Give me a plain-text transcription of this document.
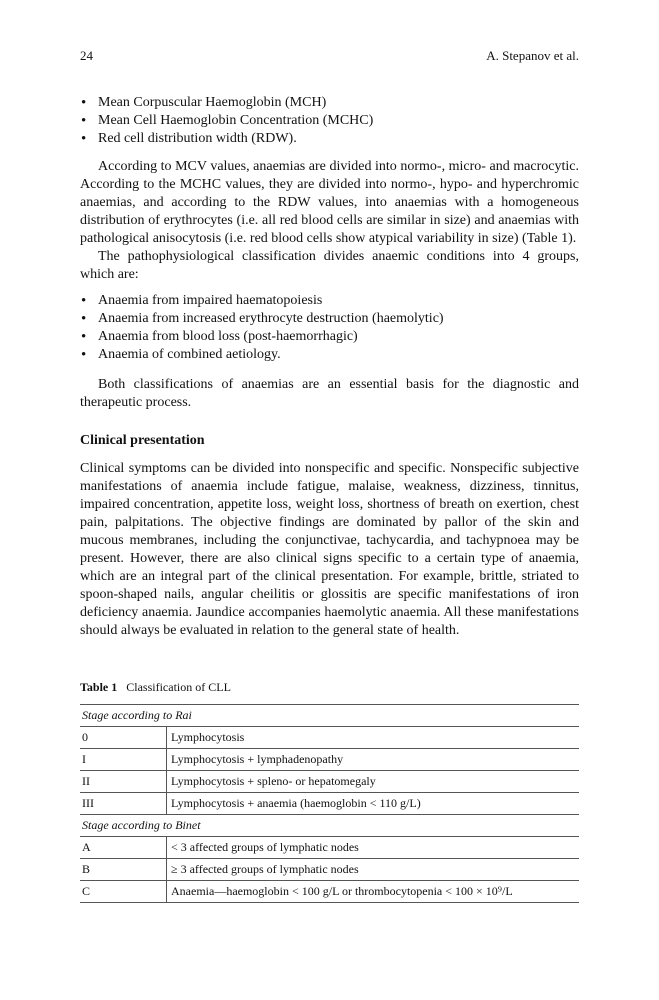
24	A. Stepanov et al.
• Mean Corpuscular Haemoglobin (MCH)
• Mean Cell Haemoglobin Concentration (MCHC)
• Red cell distribution width (RDW).

According to MCV values, anaemias are divided into normo-, micro- and macrocytic. According to the MCHC values, they are divided into normo-, hypo- and hyperchromic anaemias, and according to the RDW values, into anaemias with a homogeneous distribution of erythrocytes (i.e. all red blood cells are similar in size) and anaemias with pathological anisocytosis (i.e. red blood cells show atypical variability in size) (Table 1).

The pathophysiological classification divides anaemic conditions into 4 groups, which are:

• Anaemia from impaired haematopoiesis
• Anaemia from increased erythrocyte destruction (haemolytic)
• Anaemia from blood loss (post-haemorrhagic)
• Anaemia of combined aetiology.

Both classifications of anaemias are an essential basis for the diagnostic and therapeutic process.

Clinical presentation

Clinical symptoms can be divided into nonspecific and specific. Nonspecific subjective manifestations of anaemia include fatigue, malaise, weakness, dizziness, tinnitus, impaired concentration, appetite loss, weight loss, shortness of breath on exertion, chest pain, palpitations. The objective findings are dominated by pallor of the skin and mucous membranes, including the conjunctivae, tachycardia, and tachypnoea may be present. However, there are also clinical signs specific to a certain type of anaemia, which are an integral part of the clinical presentation. For example, brittle, striated to spoon-shaped nails, angular cheilitis or glossitis are specific manifestations of iron deficiency anaemia. Jaundice accompanies haemolytic anaemia. All these manifestations should always be evaluated in relation to the general state of health.

Table 1 Classification of CLL
Stage according to Rai	
0	Lymphocytosis
I	Lymphocytosis + lymphadenopathy
II	Lymphocytosis + spleno- or hepatomegaly
III	Lymphocytosis + anaemia (haemoglobin < 110 g/L)
Stage according to Binet	
A	< 3 affected groups of lymphatic nodes
B	≥ 3 affected groups of lymphatic nodes
C	Anaemia—haemoglobin < 100 g/L or thrombocytopenia < 100 × 10⁹/L
